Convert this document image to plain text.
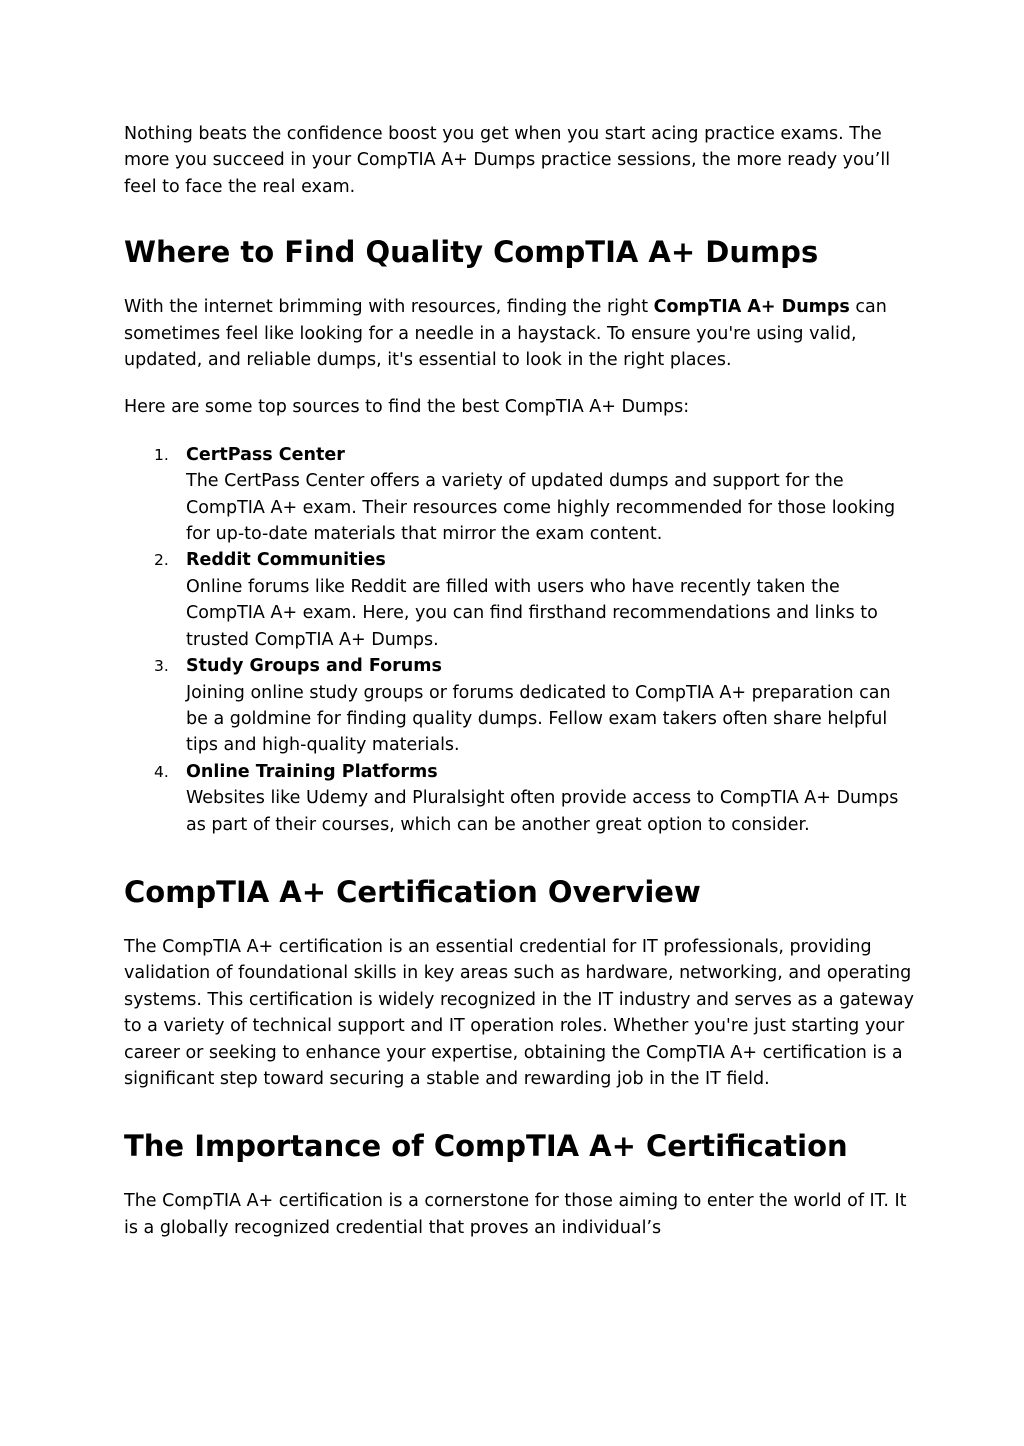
Nothing beats the confidence boost you get when you start acing practice exams. The more you succeed in your CompTIA A+ Dumps practice sessions, the more ready you’ll feel to face the real exam.

Where to Find Quality CompTIA A+ Dumps

With the internet brimming with resources, finding the right CompTIA A+ Dumps can sometimes feel like looking for a needle in a haystack. To ensure you're using valid, updated, and reliable dumps, it's essential to look in the right places.

Here are some top sources to find the best CompTIA A+ Dumps:

1. CertPass Center
The CertPass Center offers a variety of updated dumps and support for the CompTIA A+ exam. Their resources come highly recommended for those looking for up-to-date materials that mirror the exam content.
2. Reddit Communities
Online forums like Reddit are filled with users who have recently taken the CompTIA A+ exam. Here, you can find firsthand recommendations and links to trusted CompTIA A+ Dumps.
3. Study Groups and Forums
Joining online study groups or forums dedicated to CompTIA A+ preparation can be a goldmine for finding quality dumps. Fellow exam takers often share helpful tips and high-quality materials.
4. Online Training Platforms
Websites like Udemy and Pluralsight often provide access to CompTIA A+ Dumps as part of their courses, which can be another great option to consider.
CompTIA A+ Certification Overview

The CompTIA A+ certification is an essential credential for IT professionals, providing validation of foundational skills in key areas such as hardware, networking, and operating systems. This certification is widely recognized in the IT industry and serves as a gateway to a variety of technical support and IT operation roles. Whether you're just starting your career or seeking to enhance your expertise, obtaining the CompTIA A+ certification is a significant step toward securing a stable and rewarding job in the IT field.

The Importance of CompTIA A+ Certification

The CompTIA A+ certification is a cornerstone for those aiming to enter the world of IT. It is a globally recognized credential that proves an individual’s
